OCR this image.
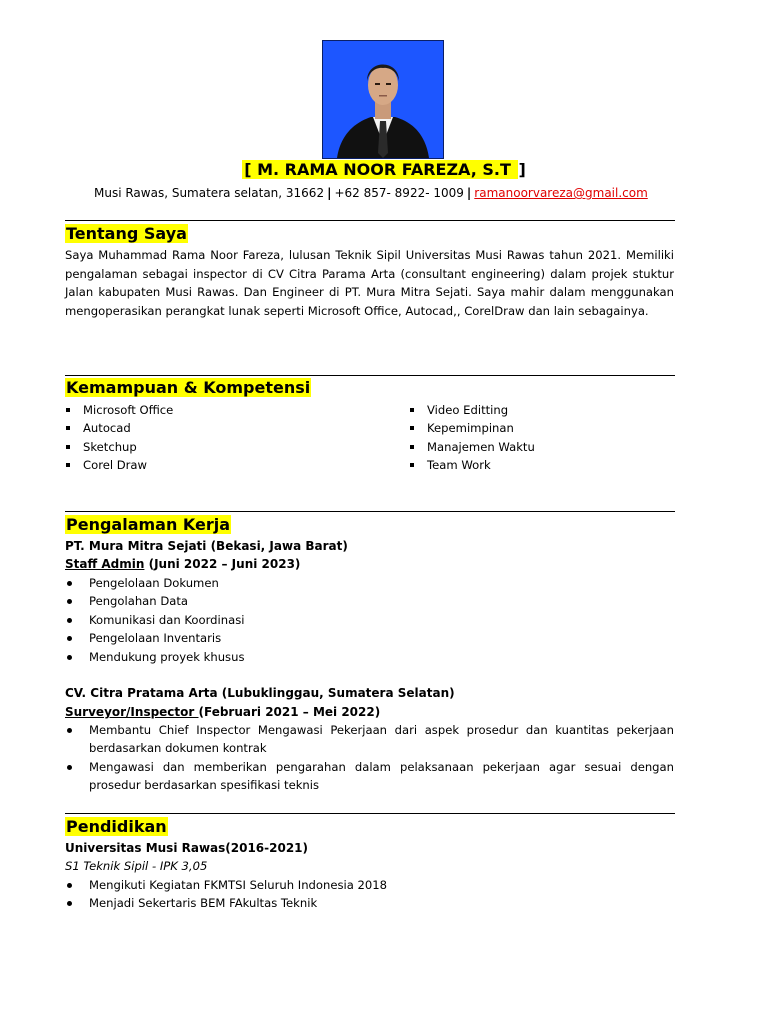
[ M. RAMA NOOR FAREZA, S.T ]
Musi Rawas, Sumatera selatan, 31662 | +62 857- 8922- 1009 | ramanoorvareza@gmail.com
Tentang Saya
Saya Muhammad Rama Noor Fareza, lulusan Teknik Sipil Universitas Musi Rawas tahun 2021. Memiliki pengalaman sebagai inspector di CV Citra Parama Arta (consultant engineering) dalam projek stuktur Jalan kabupaten Musi Rawas. Dan Engineer di PT. Mura Mitra Sejati. Saya mahir dalam menggunakan mengoperasikan perangkat lunak seperti Microsoft Office, Autocad,, CorelDraw dan lain sebagainya.
Kemampuan & Kompetensi
Microsoft Office
Autocad
Sketchup
Corel Draw
Video Editting
Kepemimpinan
Manajemen Waktu
Team Work
Pengalaman Kerja
PT. Mura Mitra Sejati (Bekasi, Jawa Barat)
Staff Admin (Juni 2022 – Juni 2023)
Pengelolaan Dokumen
Pengolahan Data
Komunikasi dan Koordinasi
Pengelolaan Inventaris
Mendukung proyek khusus
CV. Citra Pratama Arta (Lubuklinggau, Sumatera Selatan)
Surveyor/Inspector (Februari 2021 – Mei 2022)
Membantu Chief Inspector Mengawasi Pekerjaan dari aspek prosedur dan kuantitas pekerjaan berdasarkan dokumen kontrak
Mengawasi dan memberikan pengarahan dalam pelaksanaan pekerjaan agar sesuai dengan prosedur berdasarkan spesifikasi teknis
Pendidikan
Universitas Musi Rawas(2016-2021)
S1 Teknik Sipil - IPK 3,05
Mengikuti Kegiatan FKMTSI Seluruh Indonesia 2018
Menjadi Sekertaris BEM FAkultas Teknik
